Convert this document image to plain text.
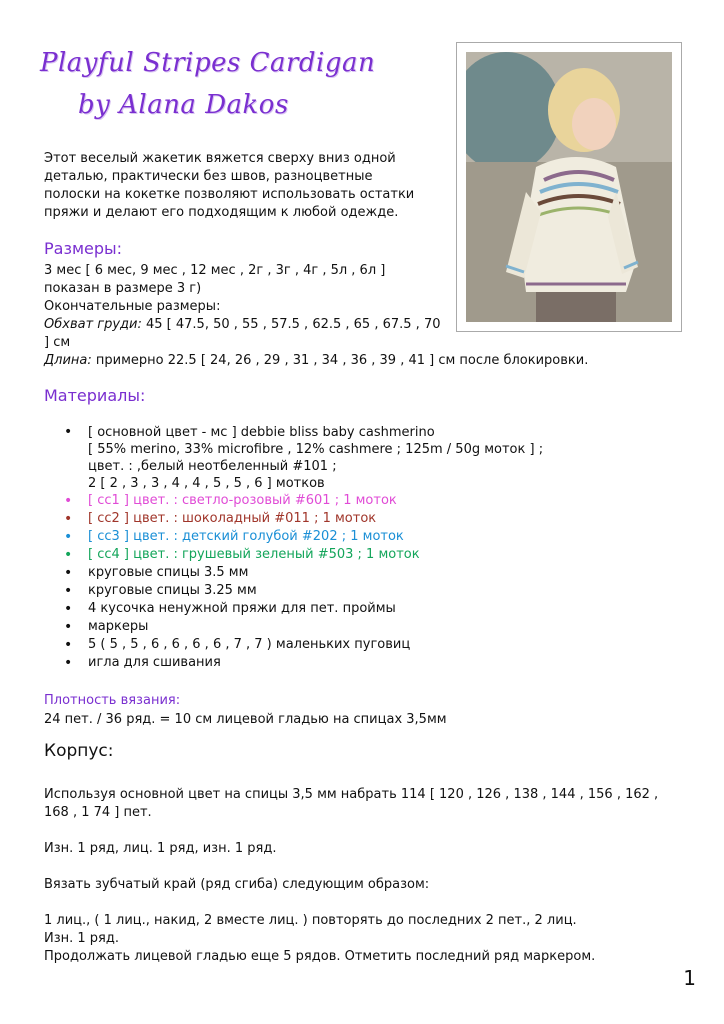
Playful Stripes Cardigan
by Alana Dakos
Этот веселый жакетик вяжется сверху вниз одной
деталью, практически без швов, разноцветные
полоски на кокетке позволяют использовать остатки
пряжи и делают его подходящим к любой одежде.
Размеры:
3 мес [ 6 мес, 9 мес , 12 мес , 2г , 3г , 4г , 5л , 6л ]
показан в размере 3 г)
Окончательные размеры:
Обхват груди: 45 [ 47.5, 50 , 55 , 57.5 , 62.5 , 65 , 67.5 , 70
] см
Длина: примерно 22.5 [ 24, 26 , 29 , 31 , 34 , 36 , 39 , 41 ] см после блокировки.
Материалы:
• [ основной цвет - мс ] debbie bliss baby cashmerino
[ 55% merino, 33% microfibre , 12% cashmere ; 125m / 50g моток ] ;
цвет. : ,белый неотбеленный #101 ;
2 [ 2 , 3 , 3 , 4 , 4 , 5 , 5 , 6 ] мотков
• [ cc1 ] цвет. : светло-розовый #601 ; 1 моток
• [ cc2 ] цвет. : шоколадный #011 ; 1 моток
• [ cc3 ] цвет. : детский голубой #202 ; 1 моток
• [ cc4 ] цвет. : грушевый зеленый #503 ; 1 моток
• круговые спицы 3.5 мм
• круговые спицы 3.25 мм
• 4 кусочка ненужной пряжи для пет. проймы
• маркеры
• 5 ( 5 , 5 , 6 , 6 , 6 , 6 , 7 , 7 ) маленьких пуговиц
• игла для сшивания
Плотность вязания:
24 пет. / 36 ряд. = 10 см лицевой гладью на спицах 3,5мм
Корпус:
Используя основной цвет на спицы 3,5 мм набрать 114 [ 120 , 126 , 138 , 144 , 156 , 162 ,
168 , 1 74 ] пет.
Изн. 1 ряд, лиц. 1 ряд, изн. 1 ряд.
Вязать зубчатый край (ряд сгиба) следующим образом:
1 лиц., ( 1 лиц., накид, 2 вместе лиц. ) повторять до последних 2 пет., 2 лиц.
Изн. 1 ряд.
Продолжать лицевой гладью еще 5 рядов. Отметить последний ряд маркером.
1
